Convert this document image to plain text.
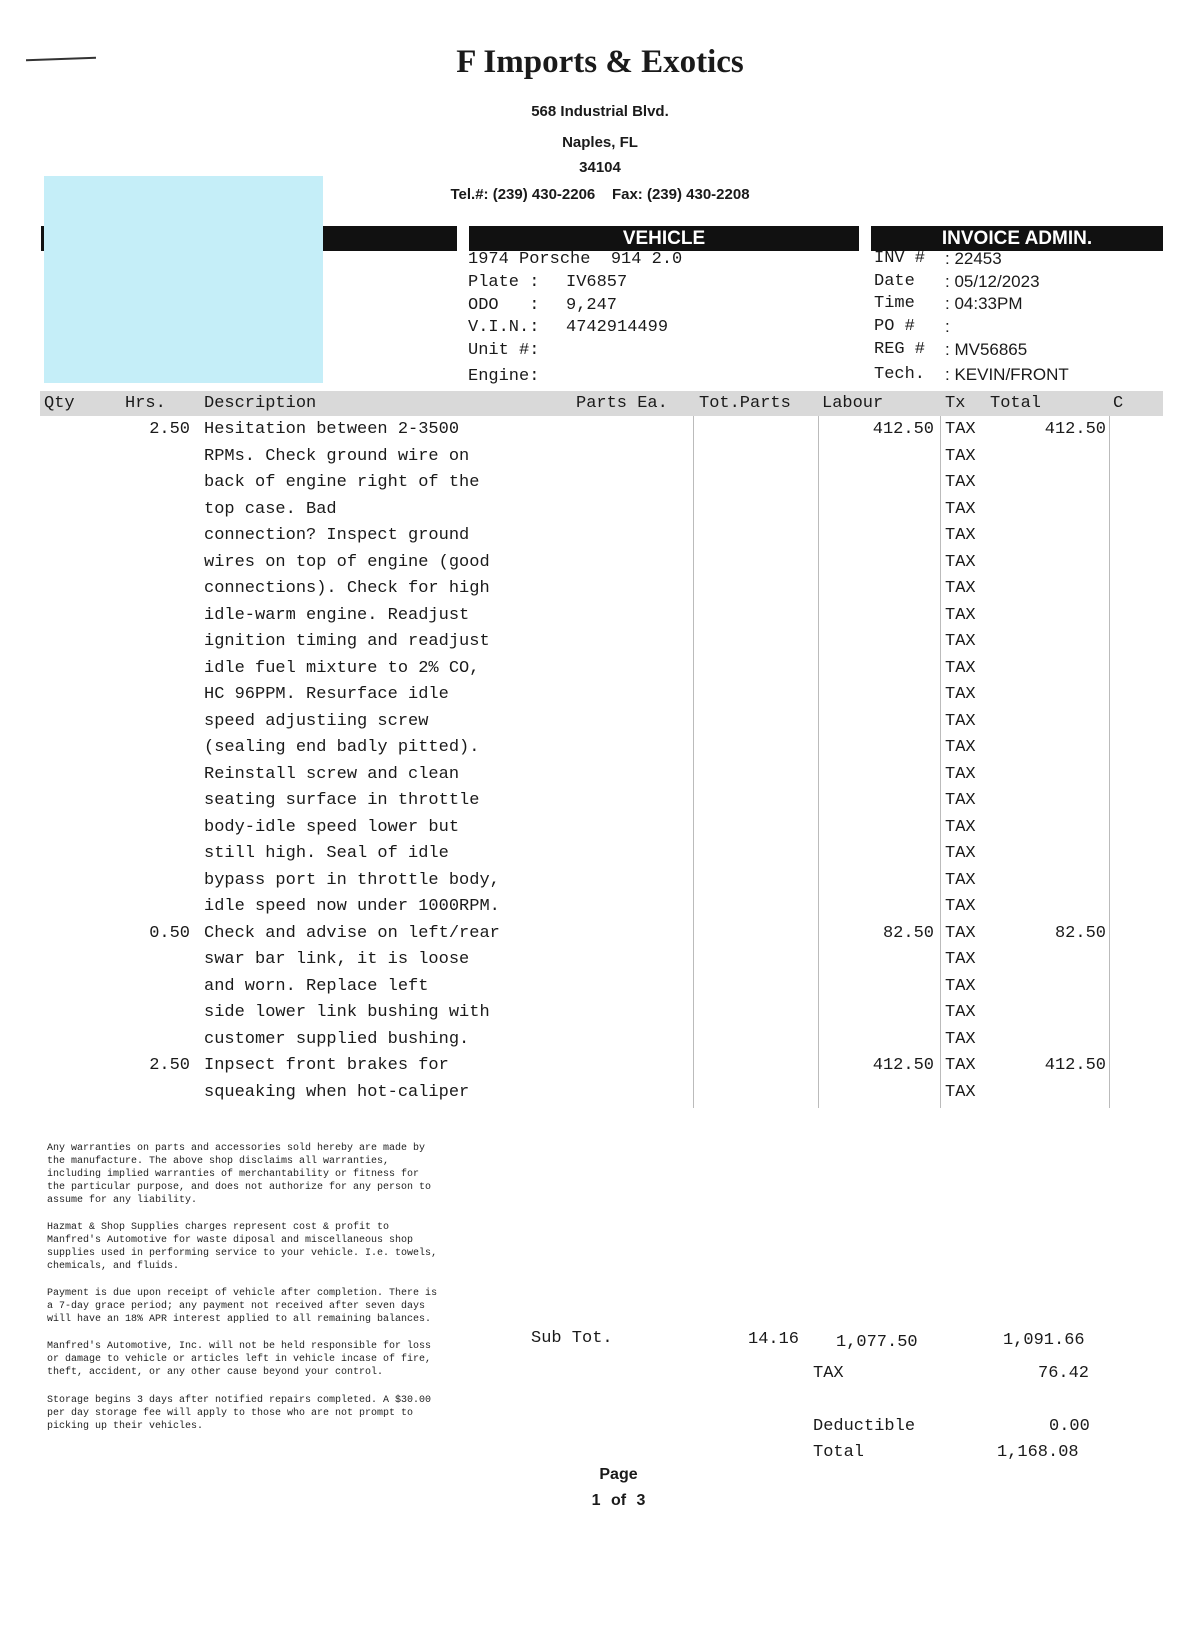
F Imports & Exotics
568 Industrial Blvd.
Naples, FL
34104
Tel.#: (239) 430-2206    Fax: (239) 430-2208
VEHICLE	INVOICE ADMIN.
1974 Porsche  914 2.0
Plate : IV6857
ODO   : 9,247
V.I.N.: 4742914499
Unit #:
Engine:
INV # : 22453
Date : 05/12/2023
Time : 04:33PM
PO # :
REG # : MV56865
Tech. : KEVIN/FRONT
Qty	Hrs. Description	Parts Ea. Tot.Parts Labour	Tx Total	C
2.50 Hesitation between 2-3500	412.50 TAX	412.50
RPMs. Check ground wire on	TAX
back of engine right of the	TAX
top case. Bad	TAX
connection? Inspect ground	TAX
wires on top of engine (good	TAX
connections). Check for high	TAX
idle-warm engine. Readjust	TAX
ignition timing and readjust	TAX
idle fuel mixture to 2% CO,	TAX
HC 96PPM. Resurface idle	TAX
speed adjustiing screw	TAX
(sealing end badly pitted).	TAX
Reinstall screw and clean	TAX
seating surface in throttle	TAX
body-idle speed lower but	TAX
still high. Seal of idle	TAX
bypass port in throttle body,	TAX
idle speed now under 1000RPM.	TAX
0.50 Check and advise on left/rear	82.50 TAX	82.50
swar bar link, it is loose	TAX
and worn. Replace left	TAX
side lower link bushing with	TAX
customer supplied bushing.	TAX
2.50 Inpsect front brakes for	412.50 TAX	412.50
squeaking when hot-caliper	TAX
Any warranties on parts and accessories sold hereby are made by
the manufacture. The above shop disclaims all warranties,
including implied warranties of merchantability or fitness for
the particular purpose, and does not authorize for any person to
assume for any liability.
Hazmat & Shop Supplies charges represent cost & profit to
Manfred's Automotive for waste diposal and miscellaneous shop
supplies used in performing service to your vehicle. I.e. towels,
chemicals, and fluids.
Payment is due upon receipt of vehicle after completion. There is
a 7-day grace period; any payment not received after seven days
will have an 18% APR interest applied to all remaining balances.
Manfred's Automotive, Inc. will not be held responsible for loss
or damage to vehicle or articles left in vehicle incase of fire,
theft, accident, or any other cause beyond your control.
Storage begins 3 days after notified repairs completed. A $30.00
per day storage fee will apply to those who are not prompt to
picking up their vehicles.
Sub Tot.	14.16 1,077.50	1,091.66
TAX	76.42
Deductible	0.00
Total	1,168.08
Page
1 of 3
